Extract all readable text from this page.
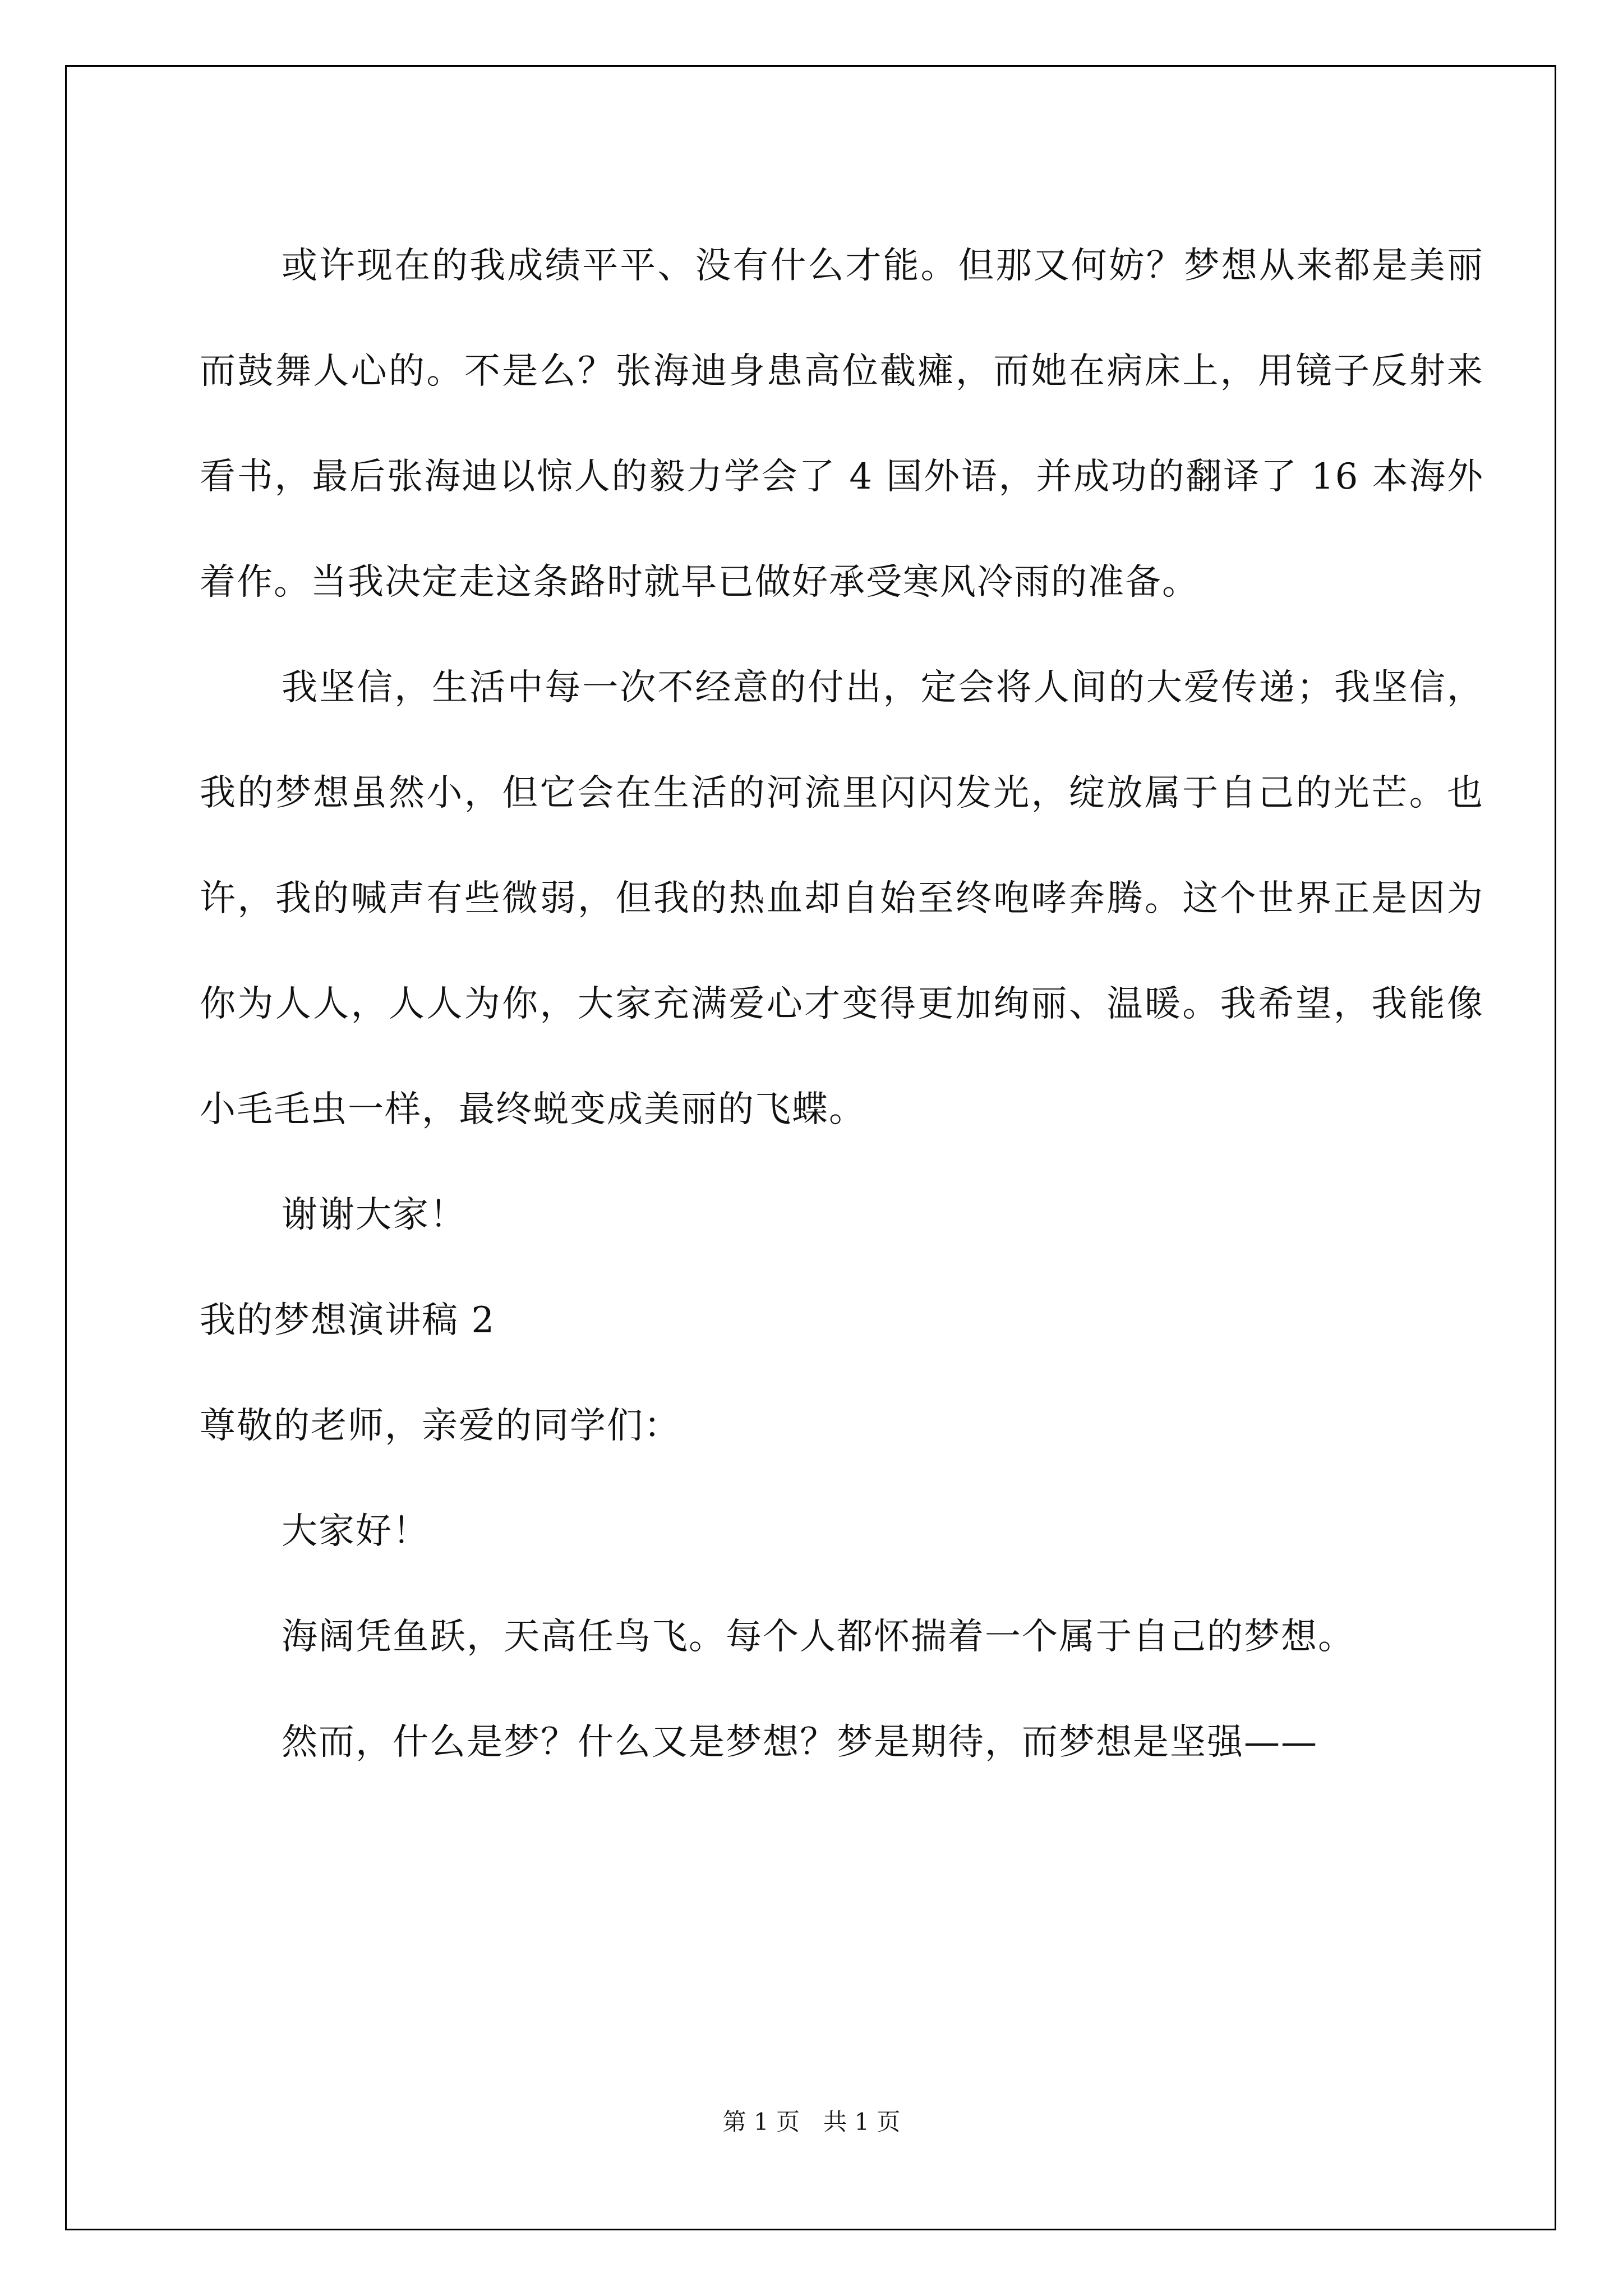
或许现在的我成绩平平、没有什么才能。但那又何妨？梦想从来都是美丽而鼓舞人心的。不是么？张海迪身患高位截瘫，而她在病床上，用镜子反射来看书，最后张海迪以惊人的毅力学会了 4 国外语，并成功的翻译了 16 本海外着作。当我决定走这条路时就早已做好承受寒风冷雨的准备。

我坚信，生活中每一次不经意的付出，定会将人间的大爱传递；我坚信，我的梦想虽然小，但它会在生活的河流里闪闪发光，绽放属于自己的光芒。也许，我的喊声有些微弱，但我的热血却自始至终咆哮奔腾。这个世界正是因为你为人人，人人为你，大家充满爱心才变得更加绚丽、温暖。我希望，我能像小毛毛虫一样，最终蜕变成美丽的飞蝶。

谢谢大家！

我的梦想演讲稿 2

尊敬的老师，亲爱的同学们：

大家好！

海阔凭鱼跃，天高任鸟飞。每个人都怀揣着一个属于自己的梦想。

然而，什么是梦？什么又是梦想？梦是期待，而梦想是坚强——

第 1 页　共 1 页
